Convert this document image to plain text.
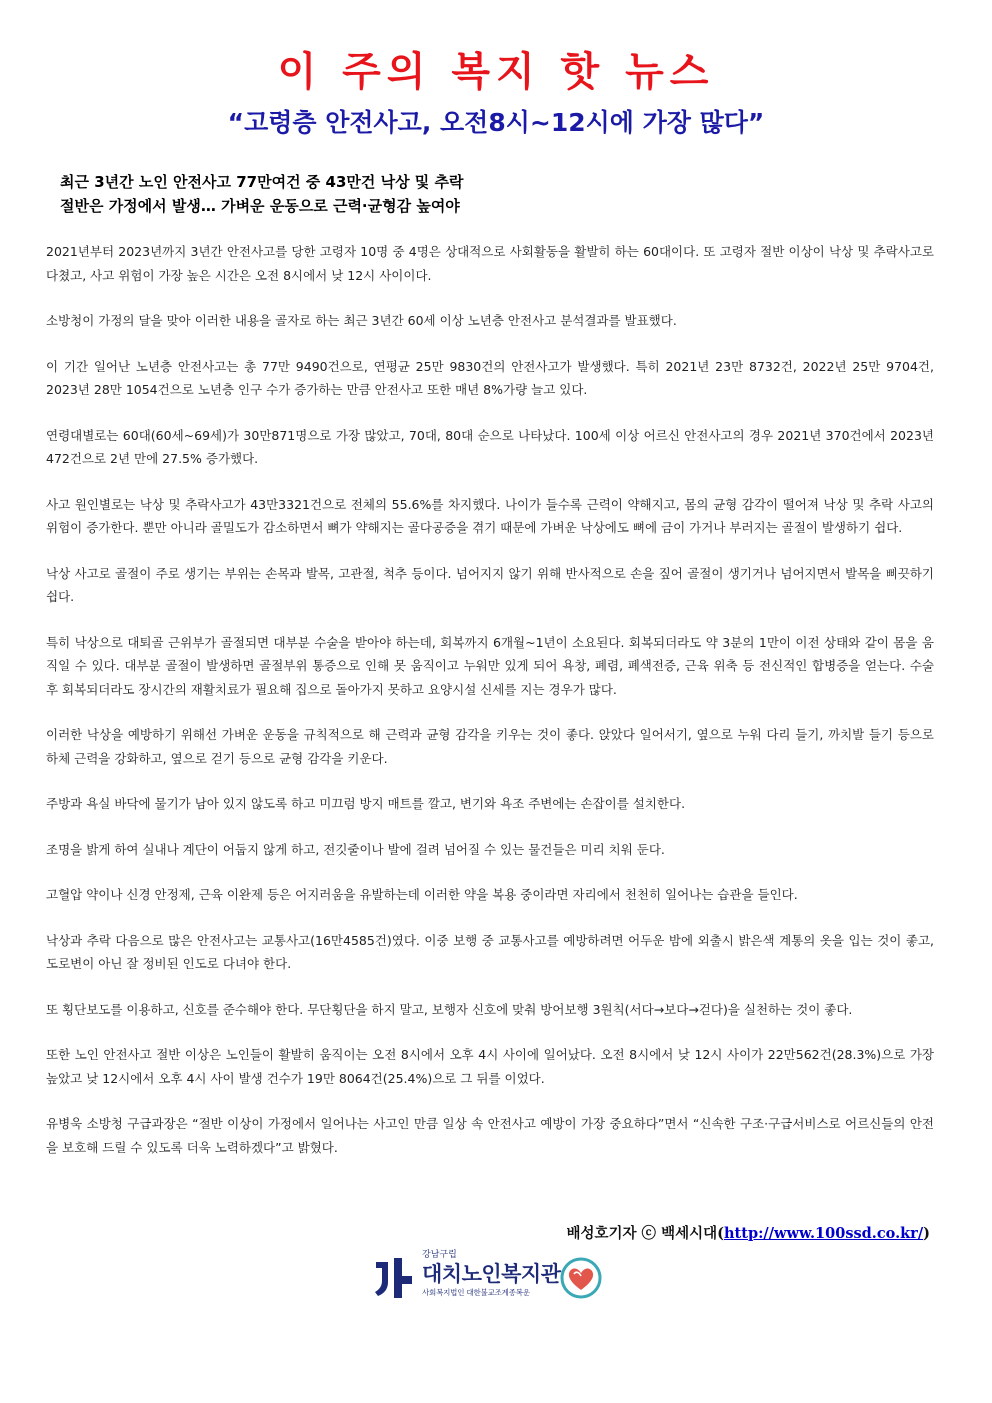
이 주의 복지 핫 뉴스
“고령층 안전사고, 오전8시~12시에 가장 많다”
최근 3년간 노인 안전사고 77만여건 중 43만건 낙상 및 추락
절반은 가정에서 발생… 가벼운 운동으로 근력·균형감 높여야

2021년부터 2023년까지 3년간 안전사고를 당한 고령자 10명 중 4명은 상대적으로 사회활동을 활발히 하는 60대이다. 또 고령자 절반 이상이 낙상 및 추락사고로 다쳤고, 사고 위험이 가장 높은 시간은 오전 8시에서 낮 12시 사이이다.

소방청이 가정의 달을 맞아 이러한 내용을 골자로 하는 최근 3년간 60세 이상 노년층 안전사고 분석결과를 발표했다.

이 기간 일어난 노년층 안전사고는 총 77만 9490건으로, 연평균 25만 9830건의 안전사고가 발생했다. 특히 2021년 23만 8732건, 2022년 25만 9704건, 2023년 28만 1054건으로 노년층 인구 수가 증가하는 만큼 안전사고 또한 매년 8%가량 늘고 있다.

연령대별로는 60대(60세~69세)가 30만871명으로 가장 많았고, 70대, 80대 순으로 나타났다. 100세 이상 어르신 안전사고의 경우 2021년 370건에서 2023년 472건으로 2년 만에 27.5% 증가했다.

사고 원인별로는 낙상 및 추락사고가 43만3321건으로 전체의 55.6%를 차지했다. 나이가 들수록 근력이 약해지고, 몸의 균형 감각이 떨어져 낙상 및 추락 사고의 위험이 증가한다. 뿐만 아니라 골밀도가 감소하면서 뼈가 약해지는 골다공증을 겪기 때문에 가벼운 낙상에도 뼈에 금이 가거나 부러지는 골절이 발생하기 쉽다.

낙상 사고로 골절이 주로 생기는 부위는 손목과 발목, 고관절, 척추 등이다. 넘어지지 않기 위해 반사적으로 손을 짚어 골절이 생기거나 넘어지면서 발목을 삐끗하기 쉽다.

특히 낙상으로 대퇴골 근위부가 골절되면 대부분 수술을 받아야 하는데, 회복까지 6개월~1년이 소요된다. 회복되더라도 약 3분의 1만이 이전 상태와 같이 몸을 움직일 수 있다. 대부분 골절이 발생하면 골절부위 통증으로 인해 못 움직이고 누워만 있게 되어 욕창, 폐렴, 폐색전증, 근육 위축 등 전신적인 합병증을 얻는다. 수술 후 회복되더라도 장시간의 재활치료가 필요해 집으로 돌아가지 못하고 요양시설 신세를 지는 경우가 많다.

이러한 낙상을 예방하기 위해선 가벼운 운동을 규칙적으로 해 근력과 균형 감각을 키우는 것이 좋다. 앉았다 일어서기, 옆으로 누워 다리 들기, 까치발 들기 등으로 하체 근력을 강화하고, 옆으로 걷기 등으로 균형 감각을 키운다.

주방과 욕실 바닥에 물기가 남아 있지 않도록 하고 미끄럼 방지 매트를 깔고, 변기와 욕조 주변에는 손잡이를 설치한다.

조명을 밝게 하여 실내나 계단이 어둡지 않게 하고, 전깃줄이나 발에 걸려 넘어질 수 있는 물건들은 미리 치워 둔다.

고혈압 약이나 신경 안정제, 근육 이완제 등은 어지러움을 유발하는데 이러한 약을 복용 중이라면 자리에서 천천히 일어나는 습관을 들인다.

낙상과 추락 다음으로 많은 안전사고는 교통사고(16만4585건)였다. 이중 보행 중 교통사고를 예방하려면 어두운 밤에 외출시 밝은색 계통의 옷을 입는 것이 좋고, 도로변이 아닌 잘 정비된 인도로 다녀야 한다.

또 횡단보도를 이용하고, 신호를 준수해야 한다. 무단횡단을 하지 말고, 보행자 신호에 맞춰 방어보행 3원칙(서다→보다→걷다)을 실천하는 것이 좋다.

또한 노인 안전사고 절반 이상은 노인들이 활발히 움직이는 오전 8시에서 오후 4시 사이에 일어났다. 오전 8시에서 낮 12시 사이가 22만562건(28.3%)으로 가장 높았고 낮 12시에서 오후 4시 사이 발생 건수가 19만 8064건(25.4%)으로 그 뒤를 이었다.

유병욱 소방청 구급과장은 “절반 이상이 가정에서 일어나는 사고인 만큼 일상 속 안전사고 예방이 가장 중요하다”면서 “신속한 구조·구급서비스로 어르신들의 안전을 보호해 드릴 수 있도록 더욱 노력하겠다”고 밝혔다.

배성호기자 ⓒ 백세시대(http://www.100ssd.co.kr/)
강남구립
대치노인복지관
사회복지법인 대한불교조계종복운
